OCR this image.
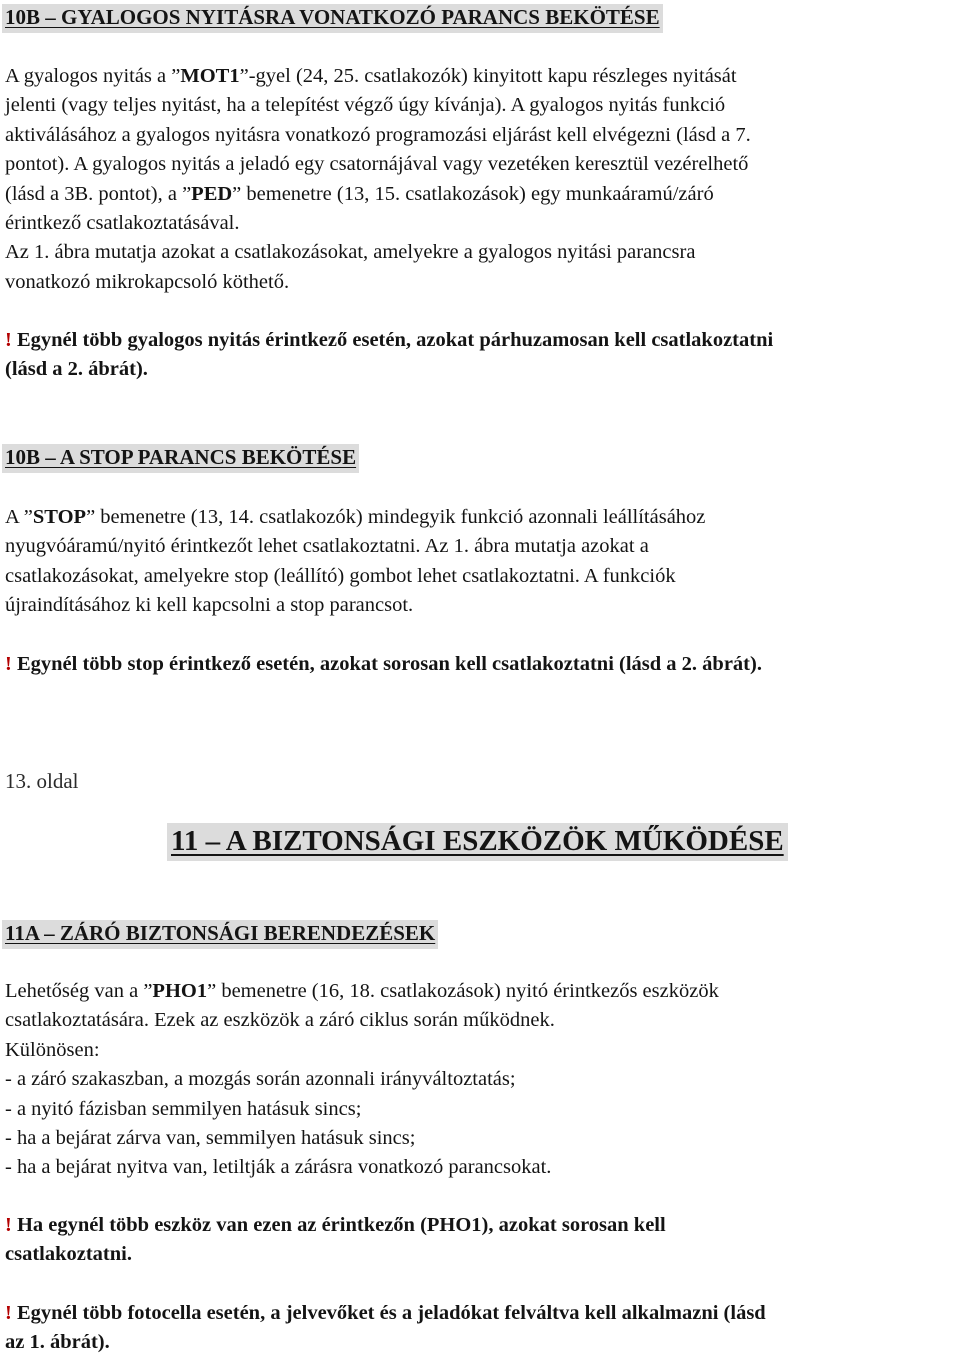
10B – GYALOGOS NYITÁSRA VONATKOZÓ PARANCS BEKÖTÉSE
A gyalogos nyitás a ”MOT1”-gyel (24, 25. csatlakozók) kinyitott kapu részleges nyitását
jelenti (vagy teljes nyitást, ha a telepítést végző úgy kívánja). A gyalogos nyitás funkció
aktiválásához a gyalogos nyitásra vonatkozó programozási eljárást kell elvégezni (lásd a 7.
pontot). A gyalogos nyitás a jeladó egy csatornájával vagy vezetéken keresztül vezérelhető
(lásd a 3B. pontot), a ”PED” bemenetre (13, 15. csatlakozások) egy munkaáramú/záró
érintkező csatlakoztatásával.
Az 1. ábra mutatja azokat a csatlakozásokat, amelyekre a gyalogos nyitási parancsra
vonatkozó mikrokapcsoló köthető.
! Egynél több gyalogos nyitás érintkező esetén, azokat párhuzamosan kell csatlakoztatni
(lásd a 2. ábrát).
10B – A STOP PARANCS BEKÖTÉSE
A ”STOP” bemenetre (13, 14. csatlakozók) mindegyik funkció azonnali leállításához
nyugvóáramú/nyitó érintkezőt lehet csatlakoztatni. Az 1. ábra mutatja azokat a
csatlakozásokat, amelyekre stop (leállító) gombot lehet csatlakoztatni. A funkciók
újraindításához ki kell kapcsolni a stop parancsot.
! Egynél több stop érintkező esetén, azokat sorosan kell csatlakoztatni (lásd a 2. ábrát).
13. oldal
11 – A BIZTONSÁGI ESZKÖZÖK MŰKÖDÉSE
11A – ZÁRÓ BIZTONSÁGI BERENDEZÉSEK
Lehetőség van a ”PHO1” bemenetre (16, 18. csatlakozások) nyitó érintkezős eszközök
csatlakoztatására. Ezek az eszközök a záró ciklus során működnek.
Különösen:
- a záró szakaszban, a mozgás során azonnali irányváltoztatás;
- a nyitó fázisban semmilyen hatásuk sincs;
- ha a bejárat zárva van, semmilyen hatásuk sincs;
- ha a bejárat nyitva van, letiltják a zárásra vonatkozó parancsokat.
! Ha egynél több eszköz van ezen az érintkezőn (PHO1), azokat sorosan kell
csatlakoztatni.
! Egynél több fotocella esetén, a jelvevőket és a jeladókat felváltva kell alkalmazni (lásd
az 1. ábrát).
